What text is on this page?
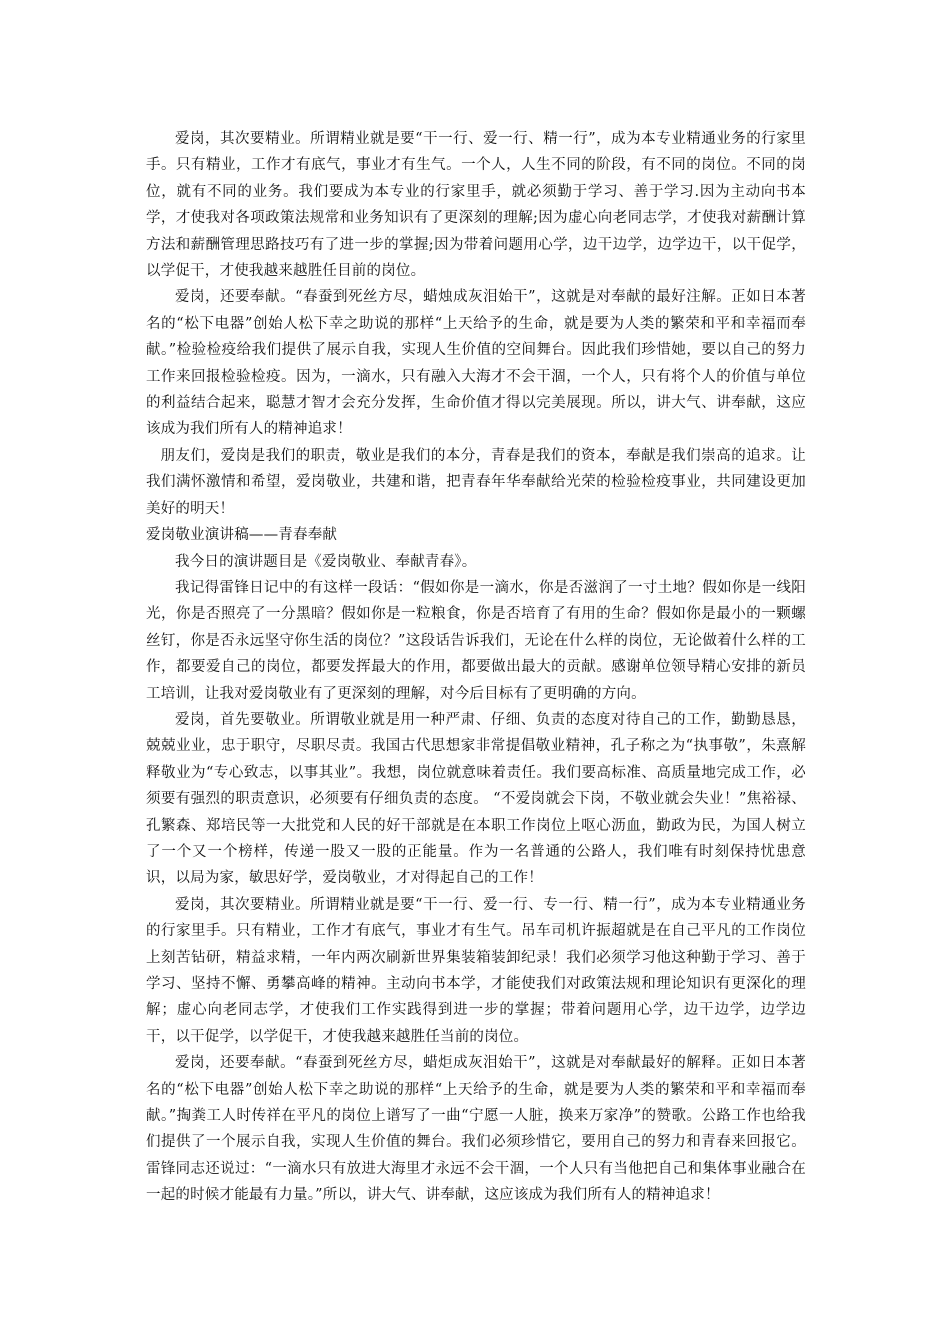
爱岗，其次要精业。所谓精业就是要“干一行、爱一行、精一行”，成为本专业精通业务的行家里手。只有精业，工作才有底气，事业才有生气。一个人，人生不同的阶段，有不同的岗位。不同的岗位，就有不同的业务。我们要成为本专业的行家里手，就必须勤于学习、善于学习.因为主动向书本学，才使我对各项政策法规常和业务知识有了更深刻的理解;因为虚心向老同志学，才使我对薪酬计算方法和薪酬管理思路技巧有了进一步的掌握;因为带着问题用心学，边干边学，边学边干，以干促学，以学促干，才使我越来越胜任目前的岗位。

爱岗，还要奉献。“春蚕到死丝方尽，蜡烛成灰泪始干”，这就是对奉献的最好注解。正如日本著名的“松下电器”创始人松下幸之助说的那样“上天给予的生命，就是要为人类的繁荣和平和幸福而奉献。”检验检疫给我们提供了展示自我，实现人生价值的空间舞台。因此我们珍惜她，要以自己的努力工作来回报检验检疫。因为，一滴水，只有融入大海才不会干涸，一个人，只有将个人的价值与单位的利益结合起来，聪慧才智才会充分发挥，生命价值才得以完美展现。所以，讲大气、讲奉献，这应该成为我们所有人的精神追求！

朋友们，爱岗是我们的职责，敬业是我们的本分，青春是我们的资本，奉献是我们崇高的追求。让我们满怀激情和希望，爱岗敬业，共建和谐，把青春年华奉献给光荣的检验检疫事业，共同建设更加美好的明天！

爱岗敬业演讲稿——青春奉献

我今日的演讲题目是《爱岗敬业、奉献青春》。

我记得雷锋日记中的有这样一段话：“假如你是一滴水，你是否滋润了一寸土地？假如你是一线阳光，你是否照亮了一分黑暗？假如你是一粒粮食，你是否培育了有用的生命？假如你是最小的一颗螺丝钉，你是否永远坚守你生活的岗位？”这段话告诉我们，无论在什么样的岗位，无论做着什么样的工作，都要爱自己的岗位，都要发挥最大的作用，都要做出最大的贡献。感谢单位领导精心安排的新员工培训，让我对爱岗敬业有了更深刻的理解，对今后目标有了更明确的方向。

爱岗，首先要敬业。所谓敬业就是用一种严肃、仔细、负责的态度对待自己的工作，勤勤恳恳，兢兢业业，忠于职守，尽职尽责。我国古代思想家非常提倡敬业精神，孔子称之为“执事敬”，朱熹解释敬业为“专心致志，以事其业”。我想，岗位就意味着责任。我们要高标准、高质量地完成工作，必须要有强烈的职责意识，必须要有仔细负责的态度。 “不爱岗就会下岗，不敬业就会失业！”焦裕禄、孔繁森、郑培民等一大批党和人民的好干部就是在本职工作岗位上呕心沥血，勤政为民，为国人树立了一个又一个榜样，传递一股又一股的正能量。作为一名普通的公路人，我们唯有时刻保持忧患意识，以局为家，敏思好学，爱岗敬业，才对得起自己的工作！

爱岗，其次要精业。所谓精业就是要“干一行、爱一行、专一行、精一行”，成为本专业精通业务的行家里手。只有精业，工作才有底气，事业才有生气。吊车司机许振超就是在自己平凡的工作岗位上刻苦钻研，精益求精，一年内两次刷新世界集装箱装卸纪录！我们必须学习他这种勤于学习、善于学习、坚持不懈、勇攀高峰的精神。主动向书本学，才能使我们对政策法规和理论知识有更深化的理解；虚心向老同志学，才使我们工作实践得到进一步的掌握；带着问题用心学，边干边学，边学边干，以干促学，以学促干，才使我越来越胜任当前的岗位。

爱岗，还要奉献。“春蚕到死丝方尽，蜡炬成灰泪始干”，这就是对奉献最好的解释。正如日本著名的“松下电器”创始人松下幸之助说的那样“上天给予的生命，就是要为人类的繁荣和平和幸福而奉献。”掏粪工人时传祥在平凡的岗位上谱写了一曲“宁愿一人脏，换来万家净”的赞歌。公路工作也给我们提供了一个展示自我，实现人生价值的舞台。我们必须珍惜它，要用自己的努力和青春来回报它。雷锋同志还说过：“一滴水只有放进大海里才永远不会干涸，一个人只有当他把自己和集体事业融合在一起的时候才能最有力量。”所以，讲大气、讲奉献，这应该成为我们所有人的精神追求！
